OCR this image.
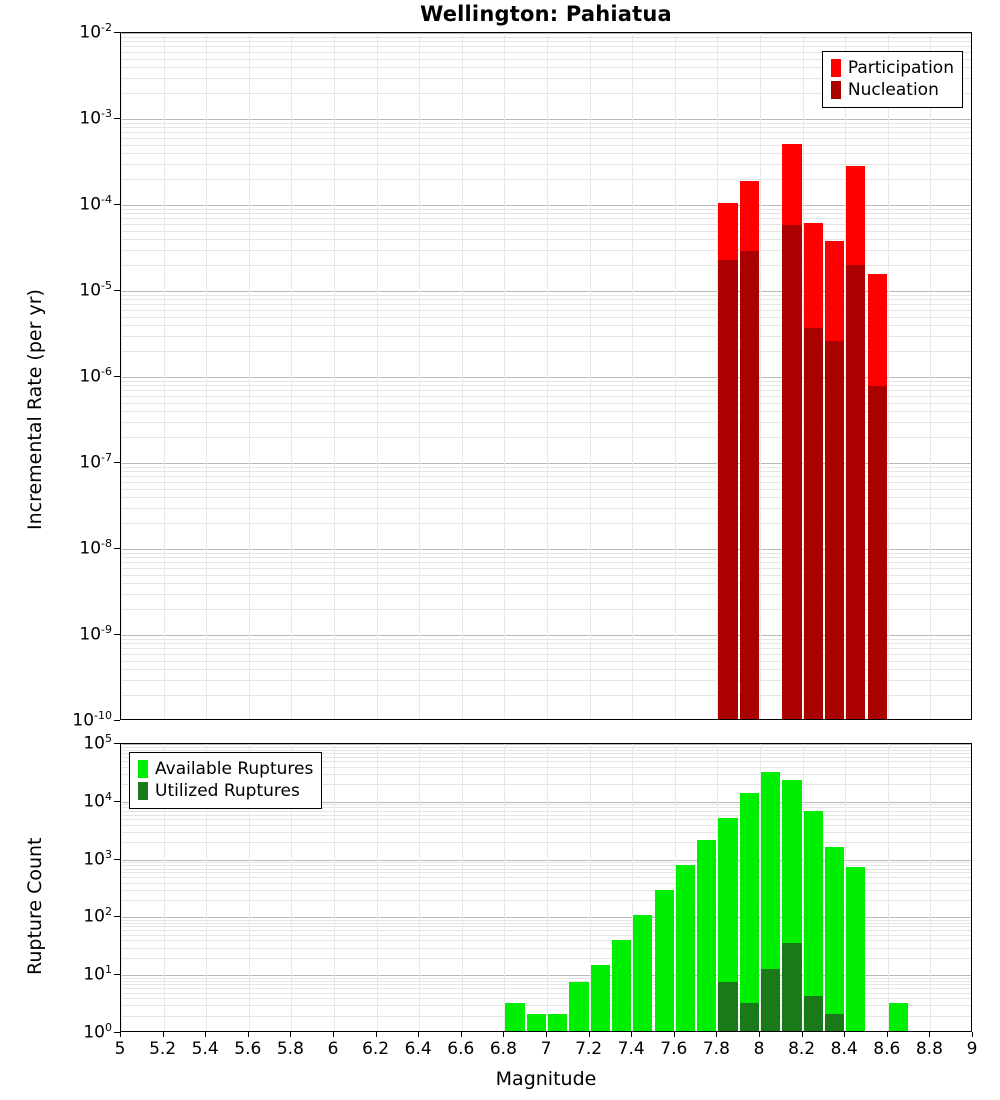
Wellington: Pahiatua
Participation
Nucleation
$10^{-2}$
$10^{-3}$
$10^{-4}$
$10^{-5}$
$10^{-6}$
$10^{-7}$
$10^{-8}$
$10^{-9}$
$10^{-10}$
Incremental Rate (per yr)
Available Ruptures
Utilized Ruptures
$10^5$
$10^4$
$10^3$
$10^2$
$10^1$
$10^0$
Rupture Count
5	5.2 5.4 5.6 5.8	6	6.2 6.4 6.6 6.8	7	7.2 7.4 7.6 7.8	8	8.2 8.4 8.6 8.8	9
Magnitude
